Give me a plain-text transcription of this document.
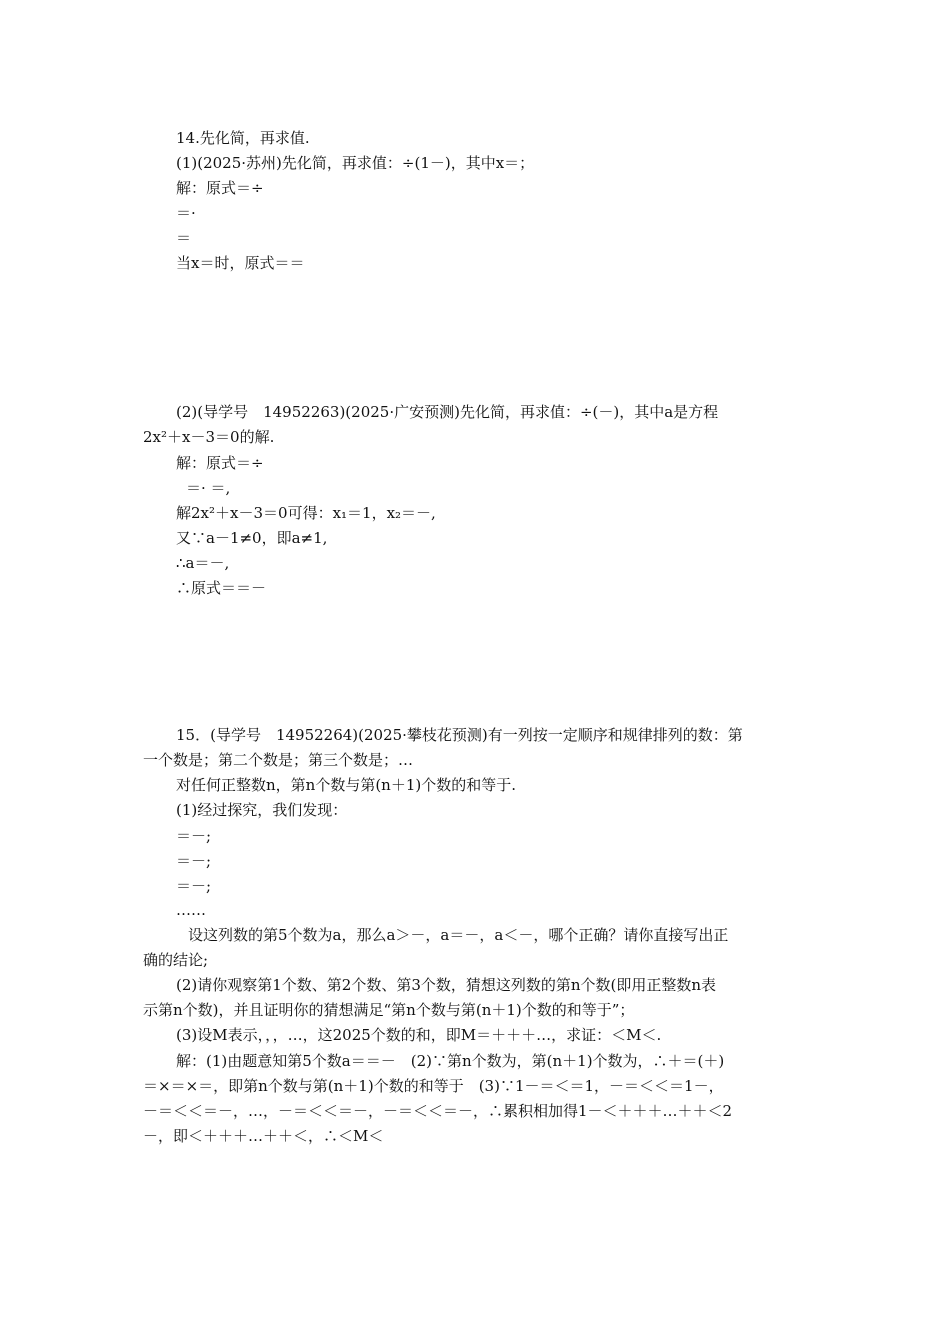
14.先化简，再求值.
(1)(2025·苏州)先化简，再求值：÷(1－)，其中x＝；
解：原式＝÷
＝·
＝
当x＝时，原式＝＝
(2)(导学号　14952263)(2025·广安预测)先化简，再求值：÷(－)，其中a是方程
2x²＋x－3＝0的解.
解：原式＝÷
＝· ＝,
解2x²＋x－3＝0可得：x₁＝1，x₂＝－,
又∵a－1≠0，即a≠1,
∴a＝－,
∴原式＝＝－
15．(导学号　14952264)(2025·攀枝花预测)有一列按一定顺序和规律排列的数：第
一个数是；第二个数是；第三个数是；…
对任何正整数n，第n个数与第(n＋1)个数的和等于.
(1)经过探究，我们发现：
＝－;
＝－;
＝－;
……
设这列数的第5个数为a，那么a＞－，a＝－，a＜－，哪个正确？请你直接写出正
确的结论;
(2)请你观察第1个数、第2个数、第3个数，猜想这列数的第n个数(即用正整数n表
示第n个数)，并且证明你的猜想满足“第n个数与第(n＋1)个数的和等于”；
(3)设M表示，，，…，这2025个数的和，即M＝＋＋＋…，求证：＜M＜.
解：(1)由题意知第5个数a＝＝－　(2)∵第n个数为，第(n＋1)个数为，∴＋＝(＋)
＝×＝×＝，即第n个数与第(n＋1)个数的和等于　(3)∵1－＝＜＝1，－＝＜＜＝1－，
－＝＜＜＝－，…，－＝＜＜＝－，－＝＜＜＝－，∴累积相加得1－＜＋＋＋…＋＋＜2
－，即＜＋＋＋…＋＋＜，∴＜M＜
